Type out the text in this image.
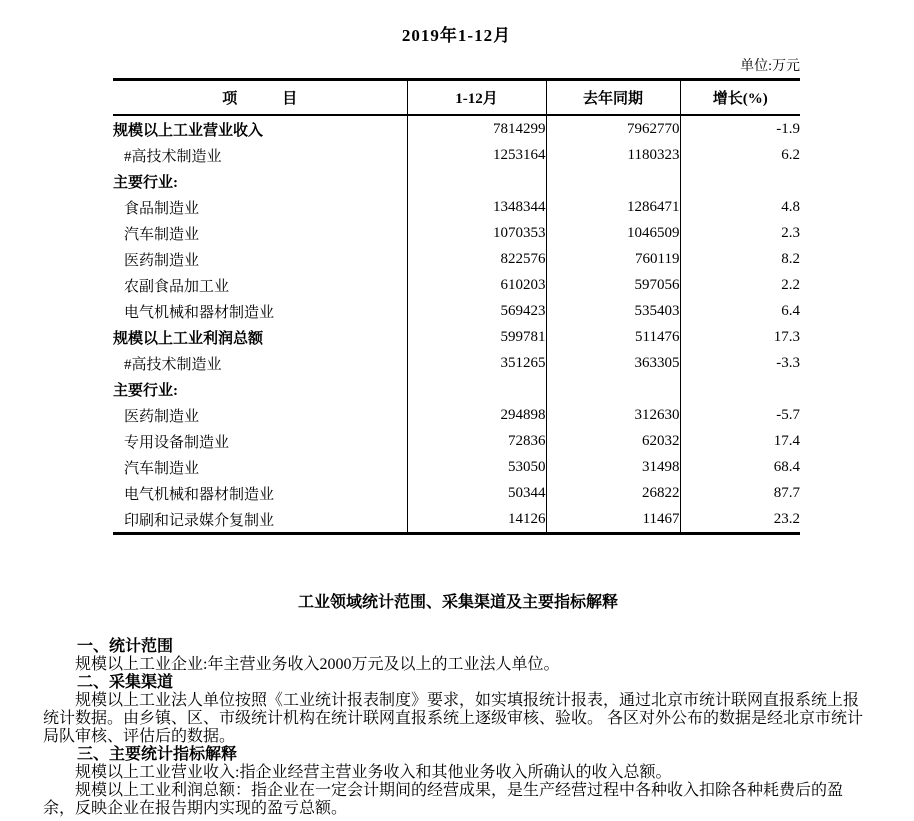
2019年1-12月
单位:万元
项　　　目	1-12月	去年同期	增长(%)
规模以上工业营业收入	7814299	7962770	-1.9
#高技术制造业	1253164	1180323	6.2
主要行业:			
食品制造业	1348344	1286471	4.8
汽车制造业	1070353	1046509	2.3
医药制造业	822576	760119	8.2
农副食品加工业	610203	597056	2.2
电气机械和器材制造业	569423	535403	6.4
规模以上工业利润总额	599781	511476	17.3
#高技术制造业	351265	363305	-3.3
主要行业:			
医药制造业	294898	312630	-5.7
专用设备制造业	72836	62032	17.4
汽车制造业	53050	31498	68.4
电气机械和器材制造业	50344	26822	87.7
印刷和记录媒介复制业	14126	11467	23.2
工业领域统计范围、采集渠道及主要指标解释
一、统计范围

规模以上工业企业:年主营业务收入2000万元及以上的工业法人单位。

二、采集渠道

规模以上工业法人单位按照《工业统计报表制度》要求，如实填报统计报表，通过北京市统计联网直报系统上报统计数据。由乡镇、区、市级统计机构在统计联网直报系统上逐级审核、验收。 各区对外公布的数据是经北京市统计局队审核、评估后的数据。

三、主要统计指标解释

规模以上工业营业收入:指企业经营主营业务收入和其他业务收入所确认的收入总额。

规模以上工业利润总额：指企业在一定会计期间的经营成果，是生产经营过程中各种收入扣除各种耗费后的盈余，反映企业在报告期内实现的盈亏总额。
